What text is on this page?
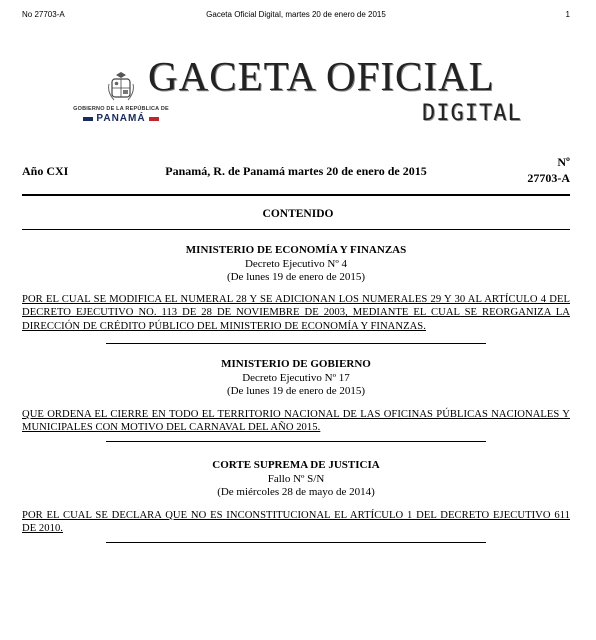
No 27703-A	Gaceta Oficial Digital, martes 20 de enero de 2015	1
GOBIERNO DE LA REPÚBLICA DE
PANAMÁ
GACETA OFICIAL
DIGITAL
Año CXI	Panamá, R. de Panamá martes 20 de enero de 2015
Nº
27703-A
CONTENIDO
MINISTERIO DE ECONOMÍA Y FINANZAS
Decreto Ejecutivo Nº 4
(De lunes 19 de enero de 2015)
POR EL CUAL SE MODIFICA EL NUMERAL 28 Y SE ADICIONAN LOS NUMERALES 29 Y 30 AL ARTÍCULO 4 DEL DECRETO EJECUTIVO NO. 113 DE 28 DE NOVIEMBRE DE 2003, MEDIANTE EL CUAL SE REORGANIZA LA DIRECCIÓN DE CRÉDITO PÚBLICO DEL MINISTERIO DE ECONOMÍA Y FINANZAS.
MINISTERIO DE GOBIERNO
Decreto Ejecutivo Nº 17
(De lunes 19 de enero de 2015)
QUE ORDENA EL CIERRE EN TODO EL TERRITORIO NACIONAL DE LAS OFICINAS PÚBLICAS NACIONALES Y MUNICIPALES CON MOTIVO DEL CARNAVAL DEL AÑO 2015.
CORTE SUPREMA DE JUSTICIA
Fallo Nº S/N
(De miércoles 28 de mayo de 2014)
POR EL CUAL SE DECLARA QUE NO ES INCONSTITUCIONAL EL ARTÍCULO 1 DEL DECRETO EJECUTIVO 611 DE 2010.
